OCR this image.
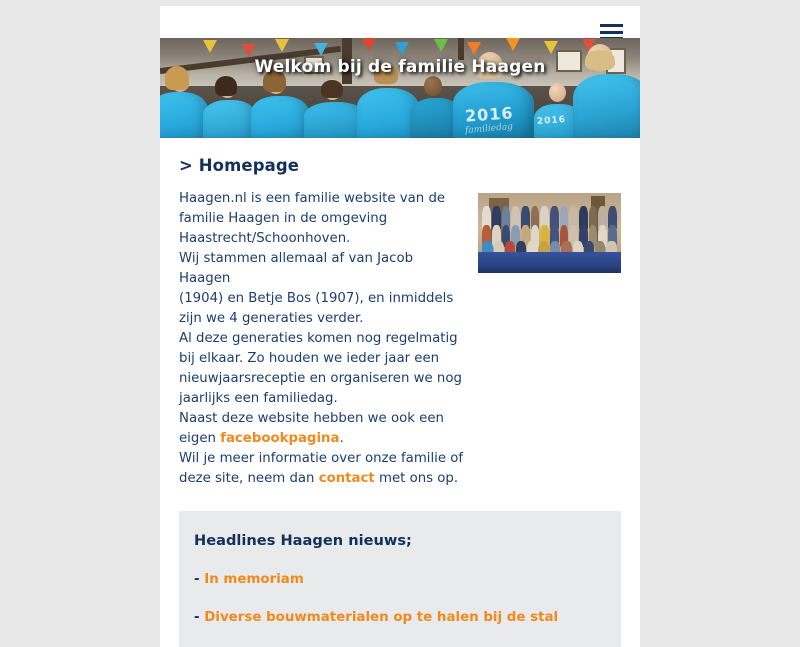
2016
familiedag
2016
Welkom bij de familie Haagen
> Homepage
Haagen.nl is een familie website van de
familie Haagen in de omgeving
Haastrecht/Schoonhoven.
Wij stammen allemaal af van Jacob Haagen
(1904) en Betje Bos (1907), en inmiddels
zijn we 4 generaties verder.
Al deze generaties komen nog regelmatig
bij elkaar. Zo houden we ieder jaar een
nieuwjaarsreceptie en organiseren we nog
jaarlijks een familiedag.
Naast deze website hebben we ook een
eigen facebookpagina.
Wil je meer informatie over onze familie of
deze site, neem dan contact met ons op.
Headlines Haagen nieuws;
- In memoriam
- Diverse bouwmaterialen op te halen bij de stal
